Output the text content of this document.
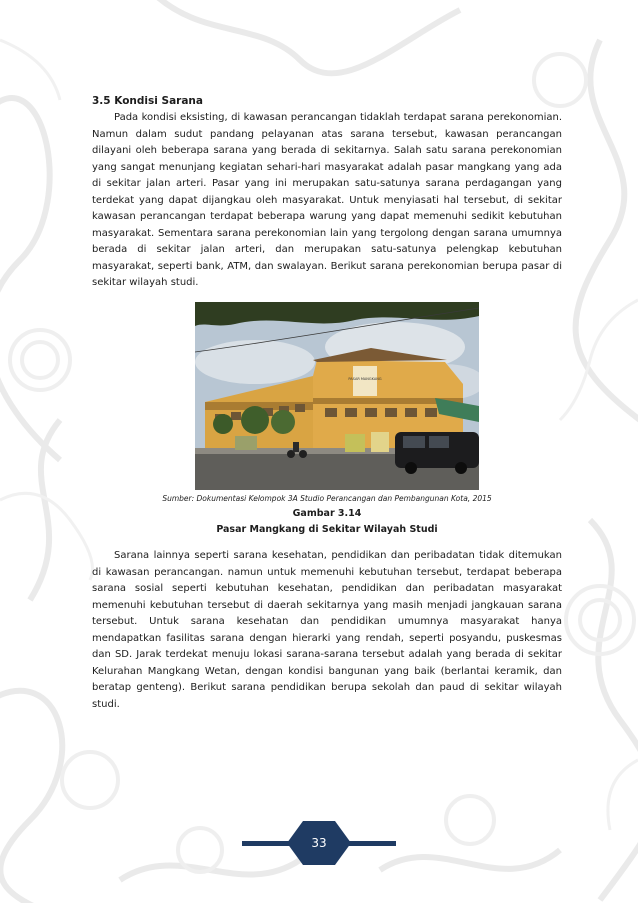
3.5 Kondisi Sarana

Pada kondisi eksisting, di kawasan perancangan tidaklah terdapat sarana perekonomian. Namun dalam sudut pandang pelayanan atas sarana tersebut, kawasan perancangan dilayani oleh beberapa sarana yang berada di sekitarnya. Salah satu sarana perekonomian yang sangat menunjang kegiatan sehari-hari masyarakat adalah pasar mangkang yang ada di sekitar jalan arteri. Pasar yang ini merupakan satu-satunya sarana perdagangan yang terdekat yang dapat dijangkau oleh masyarakat. Untuk menyiasati hal tersebut, di sekitar kawasan perancangan terdapat beberapa warung yang dapat memenuhi sedikit kebutuhan masyarakat. Sementara sarana perekonomian lain yang tergolong dengan sarana umumnya berada di sekitar jalan arteri, dan merupakan satu-satunya pelengkap kebutuhan masyarakat, seperti bank, ATM, dan swalayan. Berikut sarana perekonomian berupa pasar di sekitar wilayah studi.

PASAR MANGKANG
Sumber: Dokumentasi Kelompok 3A Studio Perancangan dan Pembangunan Kota, 2015
Gambar 3.14
Pasar Mangkang di Sekitar Wilayah Studi

Sarana lainnya seperti sarana kesehatan, pendidikan dan peribadatan tidak ditemukan di kawasan perancangan. namun untuk memenuhi kebutuhan tersebut, terdapat beberapa sarana sosial seperti kebutuhan kesehatan, pendidikan dan peribadatan masyarakat memenuhi kebutuhan tersebut di daerah sekitarnya yang masih menjadi jangkauan sarana tersebut. Untuk sarana kesehatan dan pendidikan umumnya masyarakat hanya mendapatkan fasilitas sarana dengan hierarki yang rendah, seperti posyandu, puskesmas dan SD. Jarak terdekat menuju lokasi sarana-sarana tersebut adalah yang berada di sekitar Kelurahan Mangkang Wetan, dengan kondisi bangunan yang baik (berlantai keramik, dan beratap genteng). Berikut sarana pendidikan berupa sekolah dan paud di sekitar wilayah studi.

33
